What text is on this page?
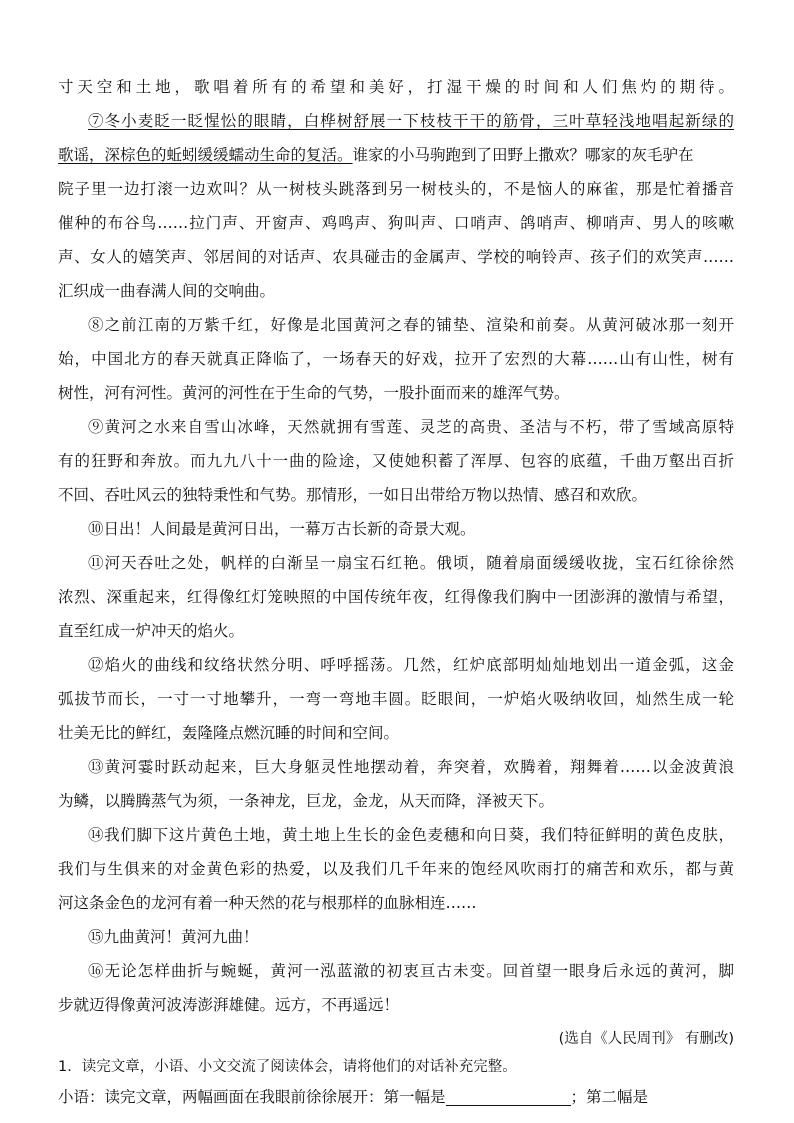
寸天空和土地，歌唱着所有的希望和美好，打湿干燥的时间和人们焦灼的期待。
⑦冬小麦眨一眨惺忪的眼睛，白桦树舒展一下枝枝干干的筋骨，三叶草轻浅地唱起新绿的
歌谣，深棕色的蚯蚓缓缓蠕动生命的复活。谁家的小马驹跑到了田野上撒欢？哪家的灰毛驴在
院子里一边打滚一边欢叫？从一树枝头跳落到另一树枝头的，不是恼人的麻雀，那是忙着播音
催种的布谷鸟……拉门声、开窗声、鸡鸣声、狗叫声、口哨声、鸽哨声、柳哨声、男人的咳嗽
声、女人的嬉笑声、邻居间的对话声、农具碰击的金属声、学校的响铃声、孩子们的欢笑声……
汇织成一曲春满人间的交响曲。
⑧之前江南的万紫千红，好像是北国黄河之春的铺垫、渲染和前奏。从黄河破冰那一刻开
始，中国北方的春天就真正降临了，一场春天的好戏，拉开了宏烈的大幕……山有山性，树有
树性，河有河性。黄河的河性在于生命的气势，一股扑面而来的雄浑气势。
⑨黄河之水来自雪山冰峰，天然就拥有雪莲、灵芝的高贵、圣洁与不朽，带了雪域高原特
有的狂野和奔放。而九九八十一曲的险途，又使她积蓄了浑厚、包容的底蕴，千曲万壑出百折
不回、吞吐风云的独特秉性和气势。那情形，一如日出带给万物以热情、感召和欢欣。
⑩日出！人间最是黄河日出，一幕万古长新的奇景大观。
⑪河天吞吐之处，帆样的白渐呈一扇宝石红艳。俄顷，随着扇面缓缓收拢，宝石红徐徐然
浓烈、深重起来，红得像红灯笼映照的中国传统年夜，红得像我们胸中一团澎湃的激情与希望，
直至红成一炉冲天的焰火。
⑫焰火的曲线和纹络状然分明、呼呼摇荡。几然，红炉底部明灿灿地划出一道金弧，这金
弧拔节而长，一寸一寸地攀升，一弯一弯地丰圆。眨眼间，一炉焰火吸纳收回，灿然生成一轮
壮美无比的鲜红，轰隆隆点燃沉睡的时间和空间。
⑬黄河霎时跃动起来，巨大身躯灵性地摆动着，奔突着，欢腾着，翔舞着……以金波黄浪
为鳞，以腾腾蒸气为须，一条神龙，巨龙，金龙，从天而降，泽被天下。
⑭我们脚下这片黄色土地，黄土地上生长的金色麦穗和向日葵，我们特征鲜明的黄色皮肤，
我们与生俱来的对金黄色彩的热爱，以及我们几千年来的饱经风吹雨打的痛苦和欢乐，都与黄
河这条金色的龙河有着一种天然的花与根那样的血脉相连……
⑮九曲黄河！黄河九曲！
⑯无论怎样曲折与蜿蜒，黄河一泓蓝澈的初衷亘古未变。回首望一眼身后永远的黄河，脚
步就迈得像黄河波涛澎湃雄健。远方，不再遥远！
(选自《人民周刊》 有删改)
1．读完文章，小语、小文交流了阅读体会，请将他们的对话补充完整。
小语：读完文章，两幅画面在我眼前徐徐展开：第一幅是	；第二幅是
